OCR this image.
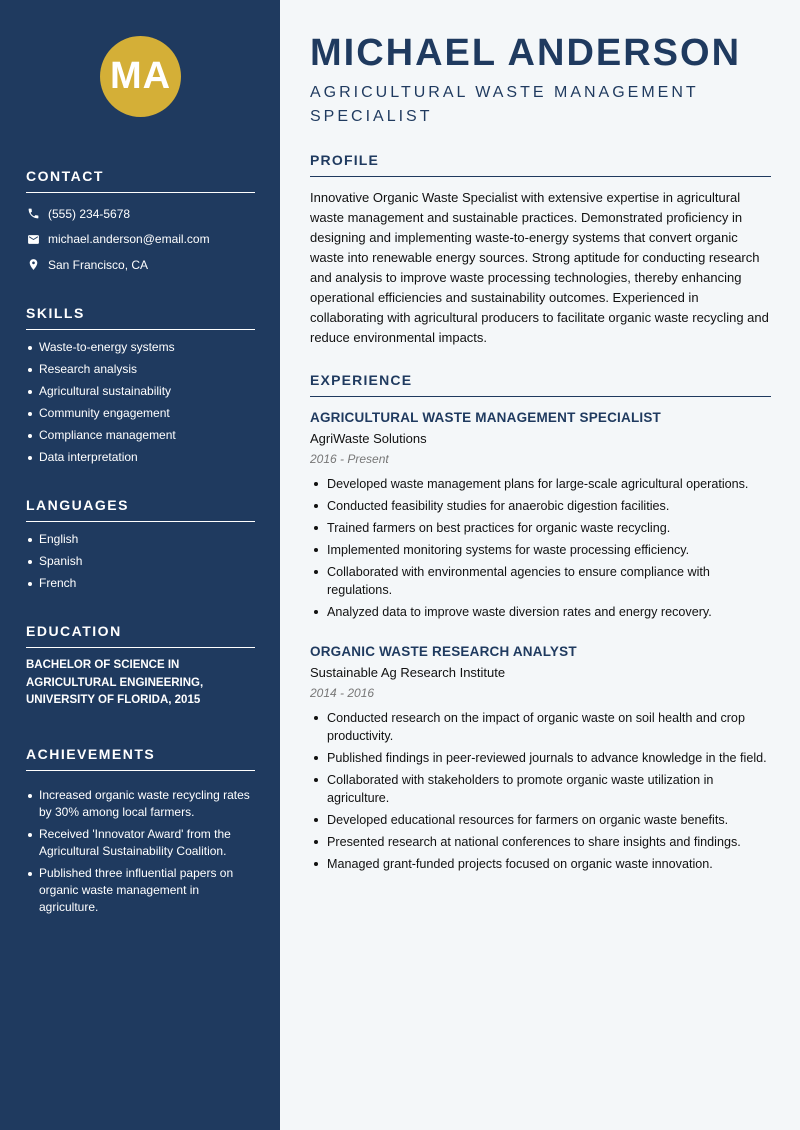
MA
CONTACT
(555) 234-5678
michael.anderson@email.com
San Francisco, CA
SKILLS
Waste-to-energy systems
Research analysis
Agricultural sustainability
Community engagement
Compliance management
Data interpretation
LANGUAGES
English
Spanish
French
EDUCATION
BACHELOR OF SCIENCE IN AGRICULTURAL ENGINEERING, UNIVERSITY OF FLORIDA, 2015
ACHIEVEMENTS
Increased organic waste recycling rates by 30% among local farmers.
Received 'Innovator Award' from the Agricultural Sustainability Coalition.
Published three influential papers on organic waste management in agriculture.
MICHAEL ANDERSON
AGRICULTURAL WASTE MANAGEMENT SPECIALIST
PROFILE
Innovative Organic Waste Specialist with extensive expertise in agricultural waste management and sustainable practices. Demonstrated proficiency in designing and implementing waste-to-energy systems that convert organic waste into renewable energy sources. Strong aptitude for conducting research and analysis to improve waste processing technologies, thereby enhancing operational efficiencies and sustainability outcomes. Experienced in collaborating with agricultural producers to facilitate organic waste recycling and reduce environmental impacts.
EXPERIENCE
AGRICULTURAL WASTE MANAGEMENT SPECIALIST
AgriWaste Solutions
2016 - Present
Developed waste management plans for large-scale agricultural operations.
Conducted feasibility studies for anaerobic digestion facilities.
Trained farmers on best practices for organic waste recycling.
Implemented monitoring systems for waste processing efficiency.
Collaborated with environmental agencies to ensure compliance with regulations.
Analyzed data to improve waste diversion rates and energy recovery.
ORGANIC WASTE RESEARCH ANALYST
Sustainable Ag Research Institute
2014 - 2016
Conducted research on the impact of organic waste on soil health and crop productivity.
Published findings in peer-reviewed journals to advance knowledge in the field.
Collaborated with stakeholders to promote organic waste utilization in agriculture.
Developed educational resources for farmers on organic waste benefits.
Presented research at national conferences to share insights and findings.
Managed grant-funded projects focused on organic waste innovation.
